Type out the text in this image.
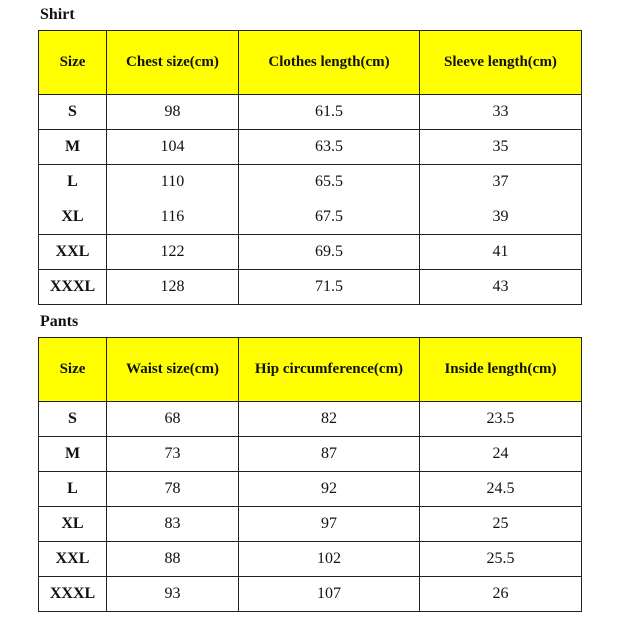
Shirt
Size	Chest size(cm)	Clothes length(cm)	Sleeve length(cm)
S	98	61.5	33
M	104	63.5	35
L	110	65.5	37
XL	116	67.5	39
XXL	122	69.5	41
XXXL	128	71.5	43
Pants
Size	Waist size(cm)	Hip circumference(cm)	Inside length(cm)
S	68	82	23.5
M	73	87	24
L	78	92	24.5
XL	83	97	25
XXL	88	102	25.5
XXXL	93	107	26
